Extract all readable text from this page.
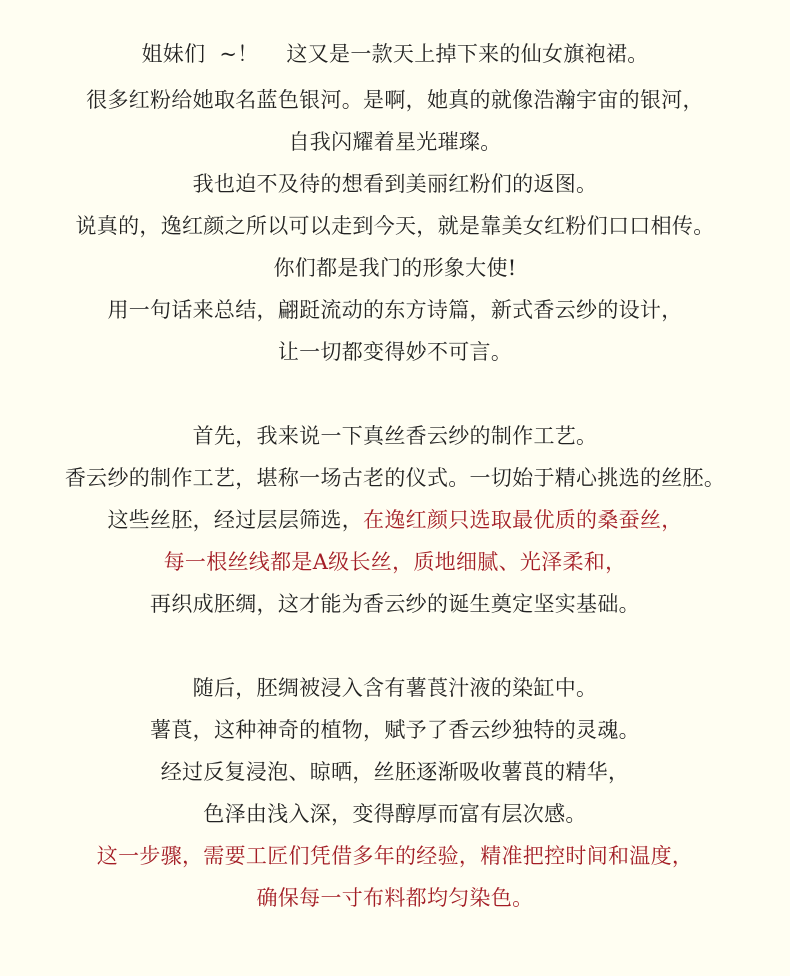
姐妹们  ~！    这又是一款天上掉下来的仙女旗袍裙。
很多红粉给她取名蓝色银河。是啊，她真的就像浩瀚宇宙的银河，
自我闪耀着星光璀璨。
我也迫不及待的想看到美丽红粉们的返图。
说真的，逸红颜之所以可以走到今天，就是靠美女红粉们口口相传。
你们都是我门的形象大使!
用一句话来总结，翩跹流动的东方诗篇，新式香云纱的设计，
让一切都变得妙不可言。
首先，我来说一下真丝香云纱的制作工艺。
香云纱的制作工艺，堪称一场古老的仪式。一切始于精心挑选的丝胚。
这些丝胚，经过层层筛选，在逸红颜只选取最优质的桑蚕丝，
每一根丝线都是A级长丝，质地细腻、光泽柔和，
再织成胚绸，这才能为香云纱的诞生奠定坚实基础。
随后，胚绸被浸入含有薯莨汁液的染缸中。
薯莨，这种神奇的植物，赋予了香云纱独特的灵魂。
经过反复浸泡、晾晒，丝胚逐渐吸收薯莨的精华，
色泽由浅入深，变得醇厚而富有层次感。
这一步骤，需要工匠们凭借多年的经验，精准把控时间和温度，
确保每一寸布料都均匀染色。
